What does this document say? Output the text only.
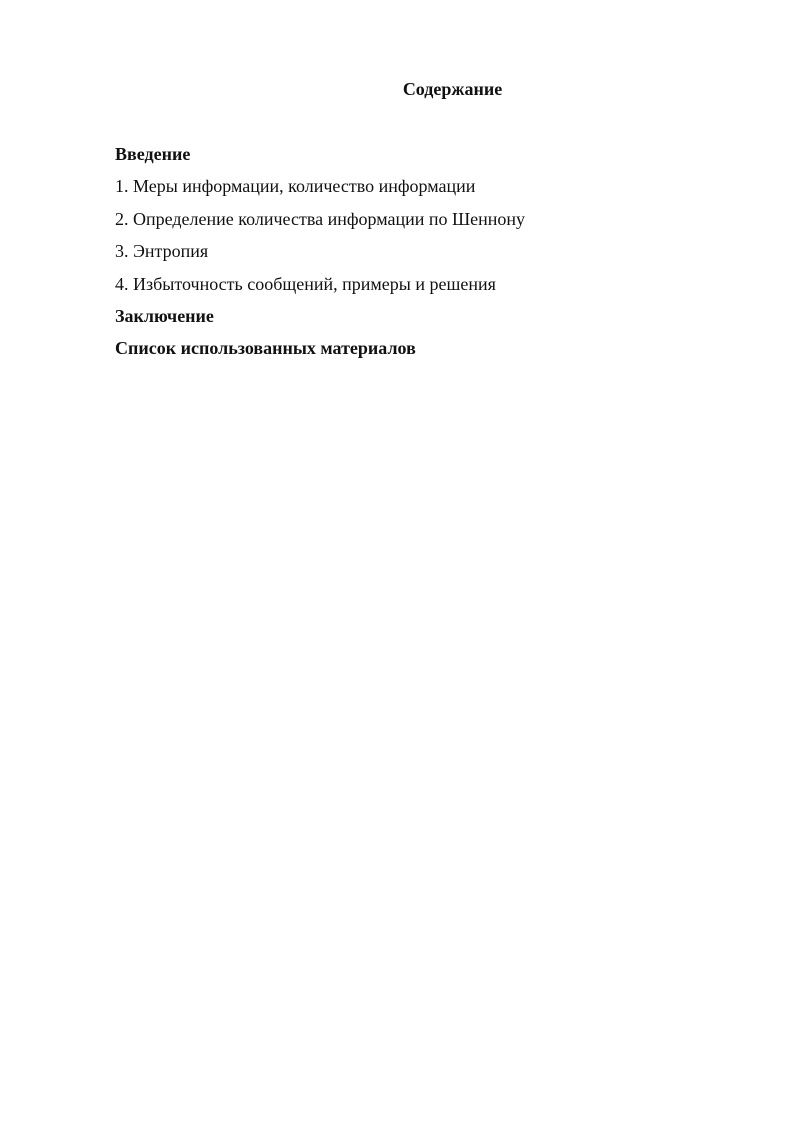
Содержание
Введение
1. Меры информации, количество информации
2. Определение количества информации по Шеннону
3. Энтропия
4. Избыточность сообщений, примеры и решения
Заключение
Список использованных материалов
